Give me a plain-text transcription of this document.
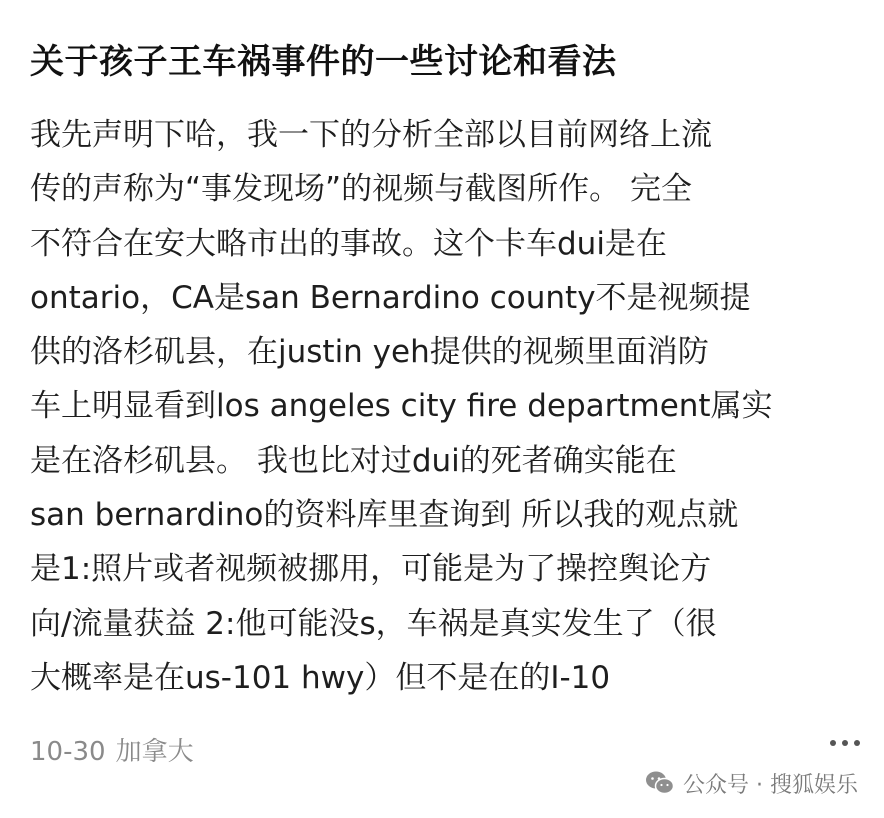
关于孩子王车祸事件的一些讨论和看法
我先声明下哈，我一下的分析全部以目前网络上流
传的声称为“事发现场”的视频与截图所作。 完全
不符合在安大略市出的事故。这个卡车dui是在
ontario，CA是san Bernardino county不是视频提
供的洛杉矶县，在justin yeh提供的视频里面消防
车上明显看到los angeles city fire department属实
是在洛杉矶县。 我也比对过dui的死者确实能在
san bernardino的资料库里查询到 所以我的观点就
是1:照片或者视频被挪用，可能是为了操控舆论方
向/流量获益 2:他可能没s，车祸是真实发生了（很
大概率是在us-101 hwy）但不是在的I-10
10-30 加拿大
公众号 · 搜狐娱乐
